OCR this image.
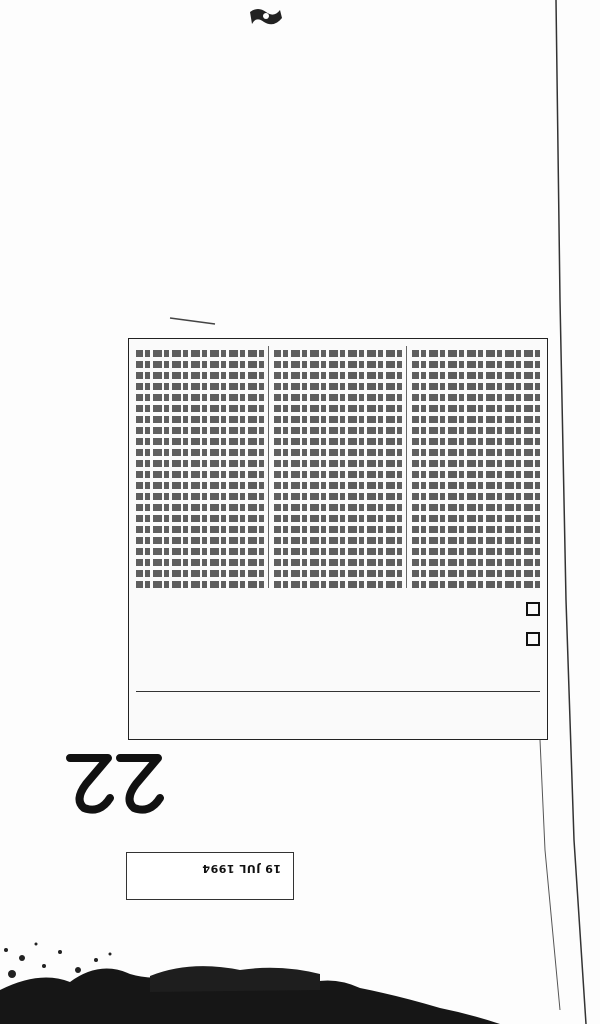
22
19 JUL 1994
